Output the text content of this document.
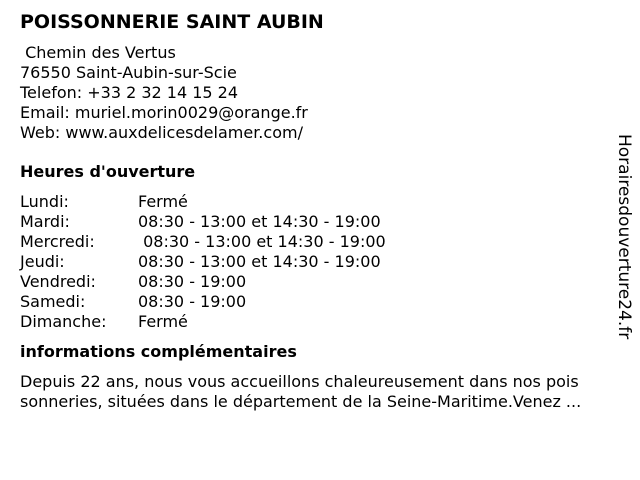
POISSONNERIE SAINT AUBIN
Chemin des Vertus
76550 Saint-Aubin-sur-Scie
Telefon: +33 2 32 14 15 24
Email: muriel.morin0029@orange.fr
Web: www.auxdelicesdelamer.com/
Heures d'ouverture
Lundi:	Fermé
Mardi:	08:30 - 13:00 et 14:30 - 19:00
Mercredi:	08:30 - 13:00 et 14:30 - 19:00
Jeudi:	08:30 - 13:00 et 14:30 - 19:00
Vendredi:	08:30 - 19:00
Samedi:	08:30 - 19:00
Dimanche:	Fermé
informations complémentaires
Depuis 22 ans, nous vous accueillons chaleureusement dans nos pois
sonneries, situées dans le département de la Seine-Maritime.Venez ...
Horairesdouverture24.fr
